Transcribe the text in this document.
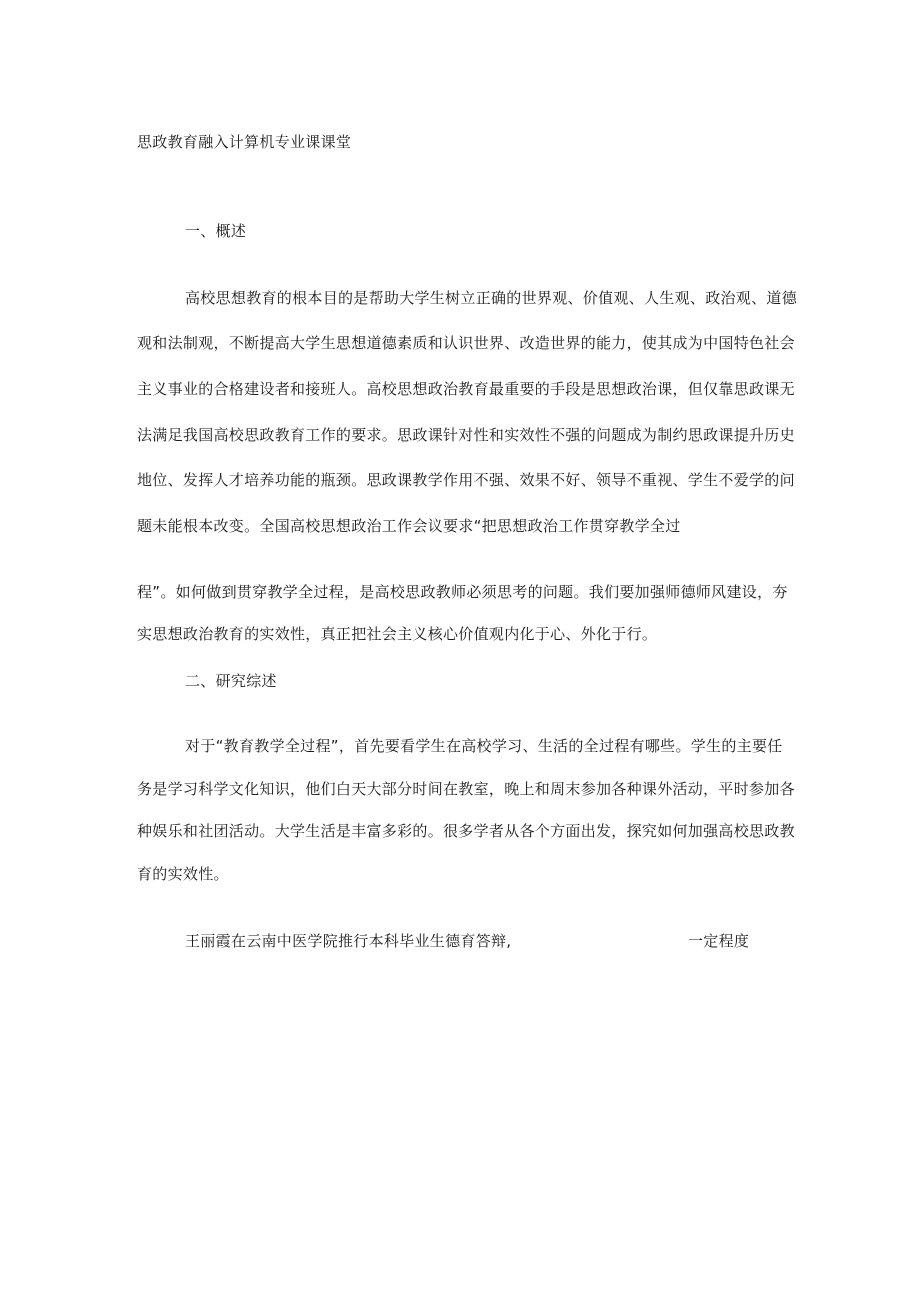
思政教育融入计算机专业课课堂
一、概述
高校思想教育的根本目的是帮助大学生树立正确的世界观、价值观、人生观、政治观、道德
观和法制观，不断提高大学生思想道德素质和认识世界、改造世界的能力，使其成为中国特色社会
主义事业的合格建设者和接班人。高校思想政治教育最重要的手段是思想政治课，但仅靠思政课无
法满足我国高校思政教育工作的要求。思政课针对性和实效性不强的问题成为制约思政课提升历史
地位、发挥人才培养功能的瓶颈。思政课教学作用不强、效果不好、领导不重视、学生不爱学的问
题未能根本改变。全国高校思想政治工作会议要求“把思想政治工作贯穿教学全过
程”。如何做到贯穿教学全过程，是高校思政教师必须思考的问题。我们要加强师德师风建设，夯
实思想政治教育的实效性，真正把社会主义核心价值观内化于心、外化于行。
二、研究综述
对于“教育教学全过程”，首先要看学生在高校学习、生活的全过程有哪些。学生的主要任
务是学习科学文化知识，他们白天大部分时间在教室，晚上和周末参加各种课外活动，平时参加各
种娱乐和社团活动。大学生活是丰富多彩的。很多学者从各个方面出发，探究如何加强高校思政教
育的实效性。
王丽霞在云南中医学院推行本科毕业生德育答辩,	一定程度
